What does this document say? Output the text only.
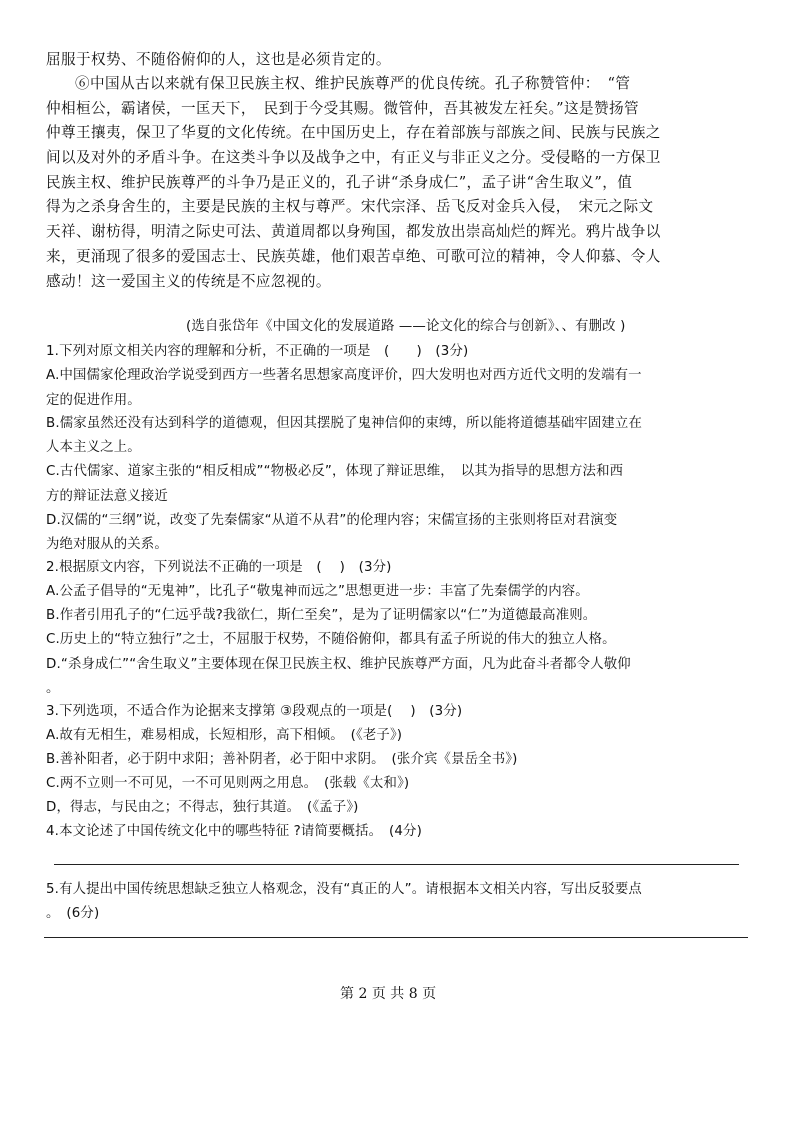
屈服于权势、不随俗俯仰的人，这也是必须肯定的。
⑥中国从古以来就有保卫民族主权、维护民族尊严的优良传统。孔子称赞管仲：　“管
仲相桓公，霸诸侯，一匡天下，　民到于今受其赐。微管仲，吾其被发左衽矣。”这是赞扬管
仲尊王攘夷，保卫了华夏的文化传统。在中国历史上，存在着部族与部族之间、民族与民族之
间以及对外的矛盾斗争。在这类斗争以及战争之中，有正义与非正义之分。受侵略的一方保卫
民族主权、维护民族尊严的斗争乃是正义的，孔子讲“杀身成仁”，孟子讲“舍生取义”，值
得为之杀身舍生的，主要是民族的主权与尊严。宋代宗泽、岳飞反对金兵入侵，　宋元之际文
天祥、谢枋得，明清之际史可法、黄道周都以身殉国，都发放出崇高灿烂的辉光。鸦片战争以
来，更涌现了很多的爱国志士、民族英雄，他们艰苦卓绝、可歌可泣的精神，令人仰慕、令人
感动！这一爱国主义的传统是不应忽视的。
(选自张岱年《中国文化的发展道路 ——论文化的综合与创新》、、有删改 )
1.下列对原文相关内容的理解和分析，不正确的一项是　(　　)　(3分)
A.中国儒家伦理政治学说受到西方一些著名思想家高度评价，四大发明也对西方近代文明的发端有一
定的促进作用。
B.儒家虽然还没有达到科学的道德观，但因其摆脱了鬼神信仰的束缚，所以能将道德基础牢固建立在
人本主义之上。
C.古代儒家、道家主张的“相反相成”“物极必反”，体现了辩证思维，　以其为指导的思想方法和西
方的辩证法意义接近
D.汉儒的“三纲”说，改变了先秦儒家“从道不从君”的伦理内容；宋儒宣扬的主张则将臣对君演变
为绝对服从的关系。
2.根据原文内容，下列说法不正确的一项是　(　 )　(3分)
A.公孟子倡导的“无鬼神”，比孔子“敬鬼神而远之”思想更进一步：丰富了先秦儒学的内容。
B.作者引用孔子的“仁远乎哉?我欲仁，斯仁至矣”，是为了证明儒家以“仁”为道德最高准则。
C.历史上的“特立独行”之士，不屈服于权势，不随俗俯仰，都具有孟子所说的伟大的独立人格。
D.“杀身成仁”“舍生取义”主要体现在保卫民族主权、维护民族尊严方面，凡为此奋斗者都令人敬仰
。
3.下列选项，不适合作为论据来支撑第 ③段观点的一项是(　 )　(3分)
A.故有无相生，难易相成，长短相形，高下相倾。　(《老子》)
B.善补阳者，必于阴中求阳；善补阴者，必于阳中求阴。　(张介宾《景岳全书》)
C.两不立则一不可见，一不可见则两之用息。　(张载《太和》)
D，得志，与民由之；不得志，独行其道。　(《孟子》)
4.本文论述了中国传统文化中的哪些特征 ?请简要概括。　(4分)
5.有人提出中国传统思想缺乏独立人格观念，没有“真正的人”。请根据本文相关内容，写出反驳要点
。　(6分)
第 2 页 共 8 页
